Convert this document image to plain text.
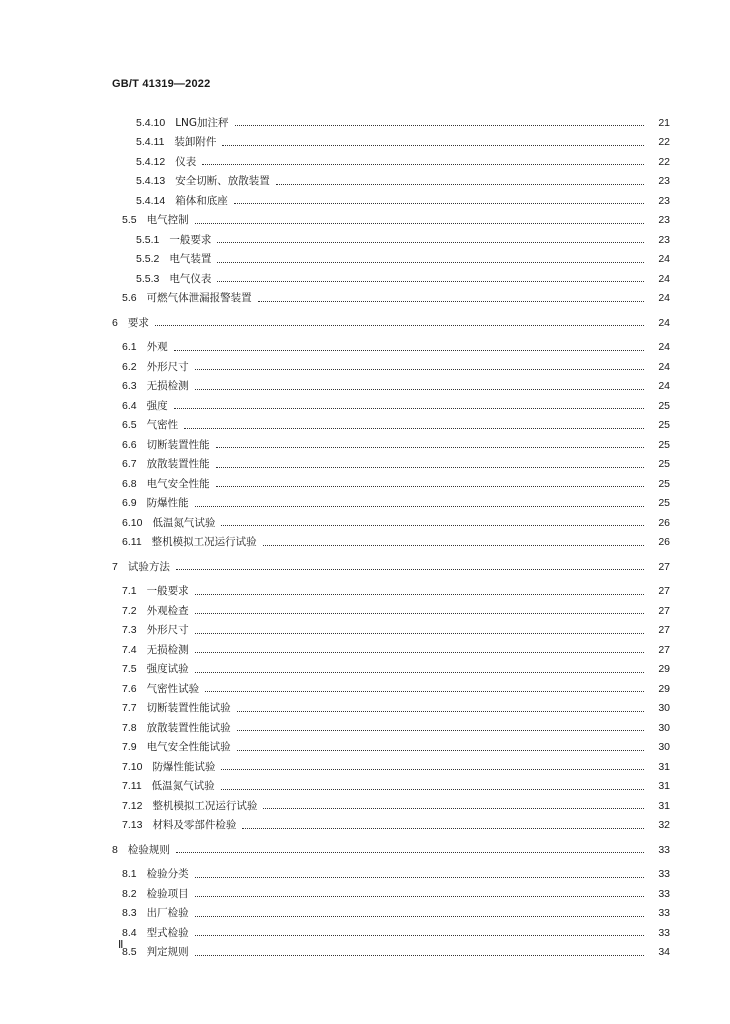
GB/T 41319—2022
5.4.10 LNG加注秤	21
5.4.11 装卸附件	22
5.4.12 仪表	22
5.4.13 安全切断、放散装置	23
5.4.14 箱体和底座	23
5.5 电气控制	23
5.5.1 一般要求	23
5.5.2 电气装置	24
5.5.3 电气仪表	24
5.6 可燃气体泄漏报警装置	24
6 要求	24
6.1 外观	24
6.2 外形尺寸	24
6.3 无损检测	24
6.4 强度	25
6.5 气密性	25
6.6 切断装置性能	25
6.7 放散装置性能	25
6.8 电气安全性能	25
6.9 防爆性能	25
6.10 低温氮气试验	26
6.11 整机模拟工况运行试验	26
7 试验方法	27
7.1 一般要求	27
7.2 外观检查	27
7.3 外形尺寸	27
7.4 无损检测	27
7.5 强度试验	29
7.6 气密性试验	29
7.7 切断装置性能试验	30
7.8 放散装置性能试验	30
7.9 电气安全性能试验	30
7.10 防爆性能试验	31
7.11 低温氮气试验	31
7.12 整机模拟工况运行试验	31
7.13 材料及零部件检验	32
8 检验规则	33
8.1 检验分类	33
8.2 检验项目	33
8.3 出厂检验	33
8.4 型式检验	33
8.5 判定规则	34
Ⅱ
